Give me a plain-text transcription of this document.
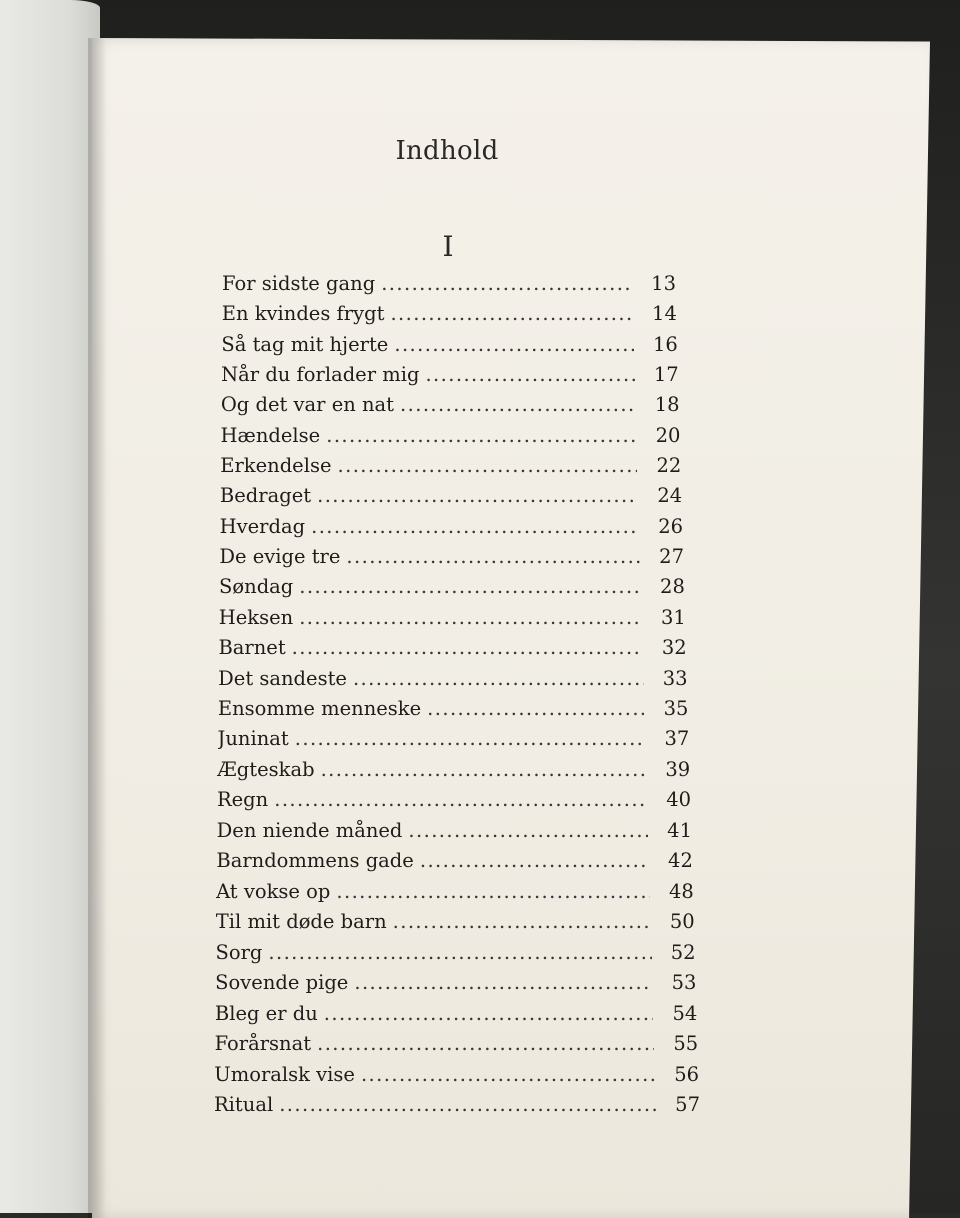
Indhold
I
For sidste gang .....	13
En kvindes frygt .....	14
Så tag mit hjerte .....	16
Når du forlader mig .....	17
Og det var en nat .....	18
Hændelse .....	20
Erkendelse .....	22
Bedraget .....	24
Hverdag .....	26
De evige tre .....	27
Søndag .....	28
Heksen .....	31
Barnet .....	32
Det sandeste .....	33
Ensomme menneske .....	35
Juninat .....	37
Ægteskab .....	39
Regn .....	40
Den niende måned .....	41
Barndommens gade .....	42
At vokse op .....	48
Til mit døde barn .....	50
Sorg .....	52
Sovende pige .....	53
Bleg er du .....	54
Forårsnat .....	55
Umoralsk vise .....	56
Ritual .....	57
